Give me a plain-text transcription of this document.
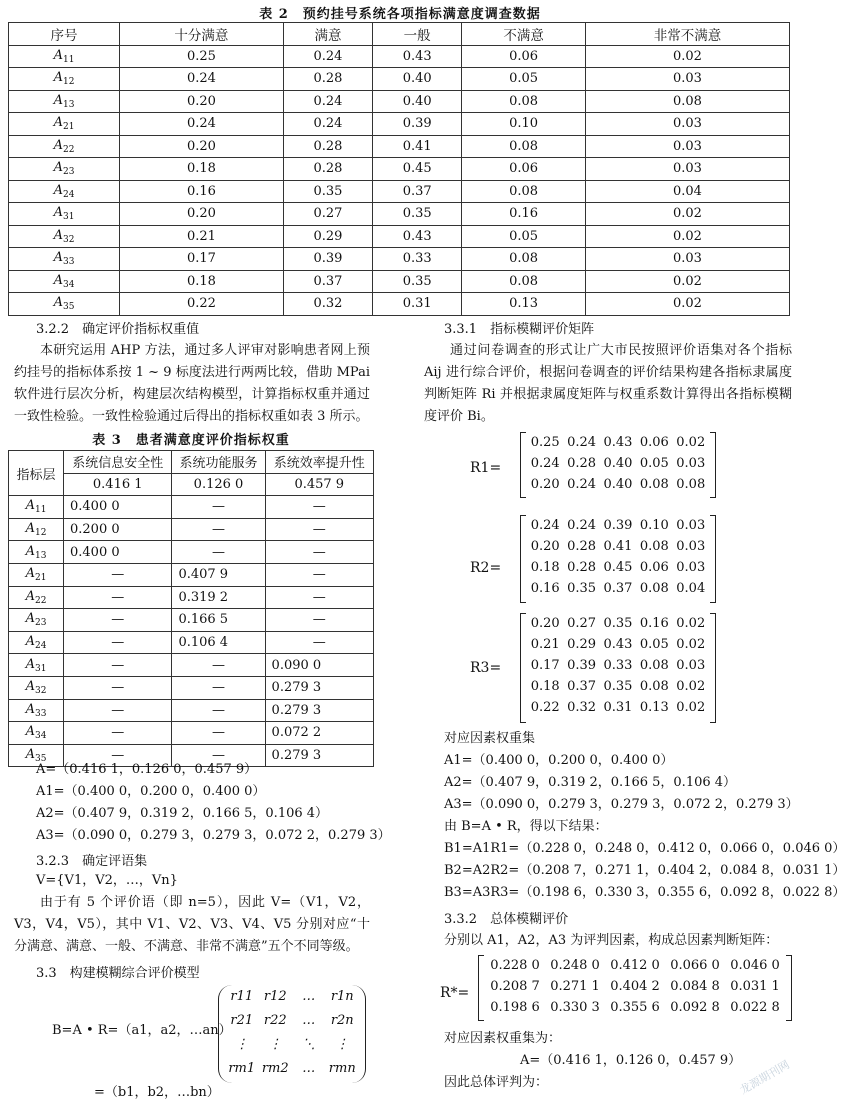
表 2　预约挂号系统各项指标满意度调查数据
序号	十分满意	满意	一般	不满意	非常不满意
$A_{11}$	0.25	0.24	0.43	0.06	0.02
$A_{12}$	0.24	0.28	0.40	0.05	0.03
$A_{13}$	0.20	0.24	0.40	0.08	0.08
$A_{21}$	0.24	0.24	0.39	0.10	0.03
$A_{22}$	0.20	0.28	0.41	0.08	0.03
$A_{23}$	0.18	0.28	0.45	0.06	0.03
$A_{24}$	0.16	0.35	0.37	0.08	0.04
$A_{31}$	0.20	0.27	0.35	0.16	0.02
$A_{32}$	0.21	0.29	0.43	0.05	0.02
$A_{33}$	0.17	0.39	0.33	0.08	0.03
$A_{34}$	0.18	0.37	0.35	0.08	0.02
$A_{35}$	0.22	0.32	0.31	0.13	0.02
3.2.2　确定评价指标权重值
本研究运用 AHP 方法，通过多人评审对影响患者网上预约挂号的指标体系按 1 ~ 9 标度法进行两两比较，借助 MPai 软件进行层次分析，构建层次结构模型，计算指标权重并通过一致性检验。一致性检验通过后得出的指标权重如表 3 所示。
表 3　患者满意度评价指标权重
指标层	系统信息安全性	系统功能服务	系统效率提升性
	0.416 1	0.126 0	0.457 9
$A_{11}$	0.400 0	—	—
$A_{12}$	0.200 0	—	—
$A_{13}$	0.400 0	—	—
$A_{21}$	—	0.407 9	—
$A_{22}$	—	0.319 2	—
$A_{23}$	—	0.166 5	—
$A_{24}$	—	0.106 4	—
$A_{31}$	—	—	0.090 0
$A_{32}$	—	—	0.279 3
$A_{33}$	—	—	0.279 3
$A_{34}$	—	—	0.072 2
$A_{35}$	—	—	0.279 3
A=（0.416 1，0.126 0，0.457 9）
A1=（0.400 0，0.200 0，0.400 0）
A2=（0.407 9，0.319 2，0.166 5，0.106 4）
A3=（0.090 0，0.279 3，0.279 3，0.072 2，0.279 3）
3.2.3　确定评语集
V={V1，V2，…，Vn}
由于有 5 个评价语（即 n=5），因此 V=（V1，V2，V3，V4，V5），其中 V1、V2、V3、V4、V5 分别对应“十分满意、满意、一般、不满意、非常不满意”五个不同等级。
3.3　构建模糊综合评价模型
B=A • R=（a1，a2，…an）
r11 r12	…	r1n
r21 r22	…	r2n
⋮	⋮	⋱	⋮
rm1 rm2	…	rmn
=（b1，b2，…bn）
3.3.1　指标模糊评价矩阵
通过问卷调查的形式让广大市民按照评价语集对各个指标 Aij 进行综合评价，根据问卷调查的评价结果构建各指标隶属度判断矩阵 Ri 并根据隶属度矩阵与权重系数计算得出各指标模糊度评价 Bi。
R1=
0.25 0.24 0.43 0.06 0.02
0.24 0.28 0.40 0.05 0.03
0.20 0.24 0.40 0.08 0.08
R2=
0.24 0.24 0.39 0.10 0.03
0.20 0.28 0.41 0.08 0.03
0.18 0.28 0.45 0.06 0.03
0.16 0.35 0.37 0.08 0.04
R3=
0.20 0.27 0.35 0.16 0.02
0.21 0.29 0.43 0.05 0.02
0.17 0.39 0.33 0.08 0.03
0.18 0.37 0.35 0.08 0.02
0.22 0.32 0.31 0.13 0.02
对应因素权重集
A1=（0.400 0，0.200 0，0.400 0）
A2=（0.407 9，0.319 2，0.166 5，0.106 4）
A3=（0.090 0，0.279 3，0.279 3，0.072 2，0.279 3）
由 B=A • R，得以下结果：
B1=A1R1=（0.228 0，0.248 0，0.412 0，0.066 0，0.046 0）
B2=A2R2=（0.208 7，0.271 1，0.404 2，0.084 8，0.031 1）
B3=A3R3=（0.198 6，0.330 3，0.355 6，0.092 8，0.022 8）
3.3.2　总体模糊评价
分别以 A1，A2，A3 为评判因素，构成总因素判断矩阵：
R*=
0.228 0 0.248 0 0.412 0 0.066 0 0.046 0
0.208 7 0.271 1 0.404 2 0.084 8 0.031 1
0.198 6 0.330 3 0.355 6 0.092 8 0.022 8
对应因素权重集为：
A=（0.416 1，0.126 0，0.457 9）
因此总体评判为：	龙源期刊网
